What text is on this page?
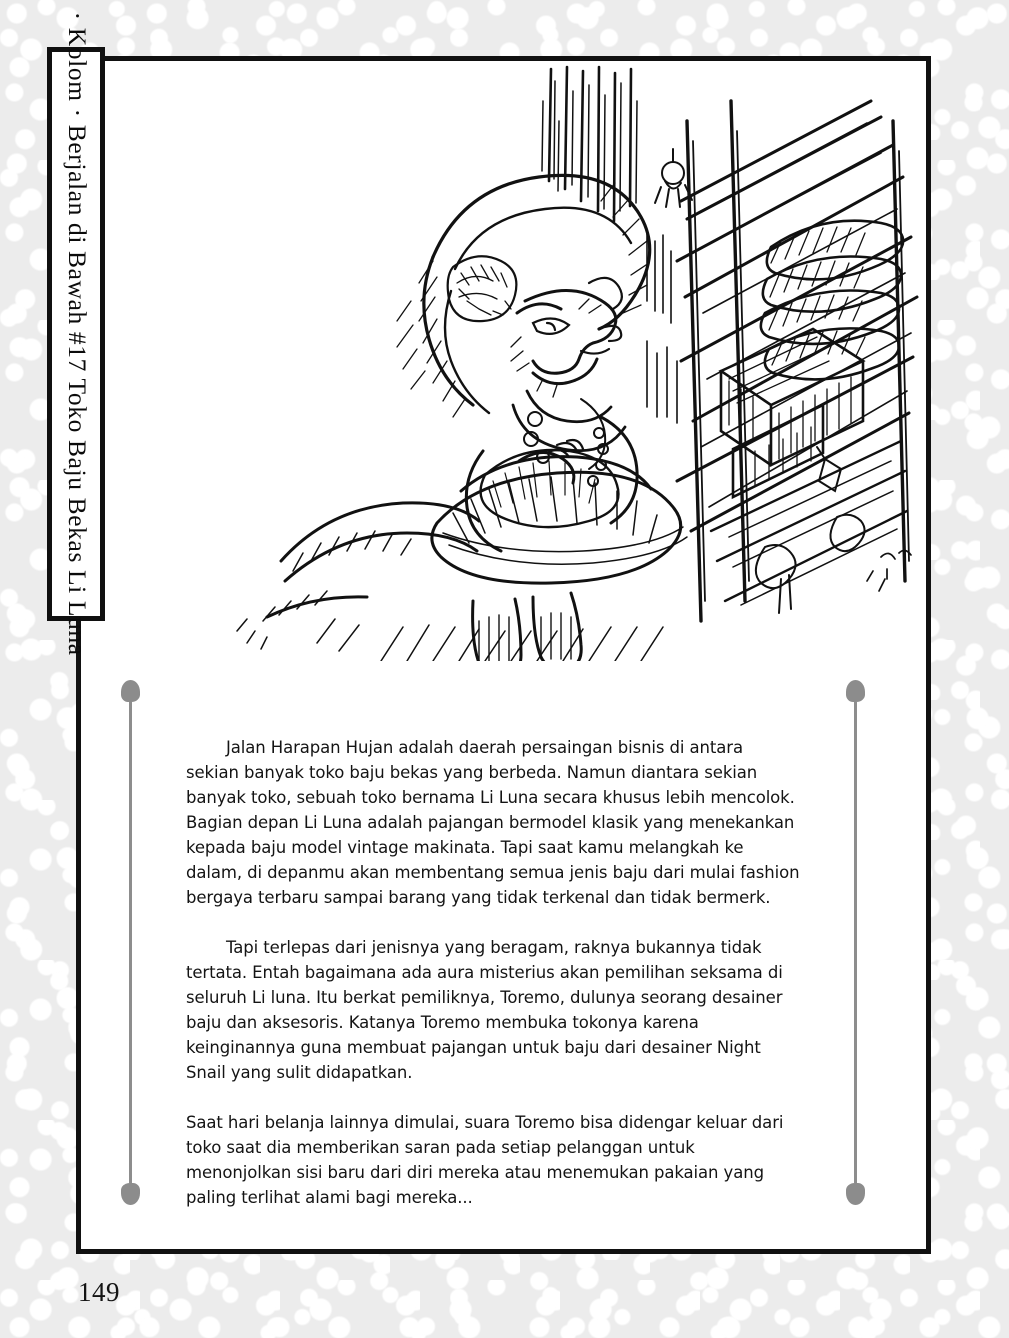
· Kolom · Berjalan di Bawah #17 Toko Baju Bekas Li Luna

Jalan Harapan Hujan adalah daerah persaingan bisnis di antara sekian banyak toko baju bekas yang berbeda. Namun diantara sekian banyak toko, sebuah toko bernama Li Luna secara khusus lebih mencolok. Bagian depan Li Luna adalah pajangan bermodel klasik yang menekankan kepada baju model vintage makinata. Tapi saat kamu melangkah ke dalam, di depanmu akan membentang semua jenis baju dari mulai fashion bergaya terbaru sampai barang yang tidak terkenal dan tidak bermerk.

Tapi terlepas dari jenisnya yang beragam, raknya bukannya tidak tertata. Entah bagaimana ada aura misterius akan pemilihan seksama di seluruh Li luna. Itu berkat pemiliknya, Toremo, dulunya seorang desainer baju dan aksesoris. Katanya Toremo membuka tokonya karena keinginannya guna membuat pajangan untuk baju dari desainer Night Snail yang sulit didapatkan.

Saat hari belanja lainnya dimulai, suara Toremo bisa didengar keluar dari toko saat dia memberikan saran pada setiap pelanggan untuk menonjolkan sisi baru dari diri mereka atau menemukan pakaian yang paling terlihat alami bagi mereka...

149
